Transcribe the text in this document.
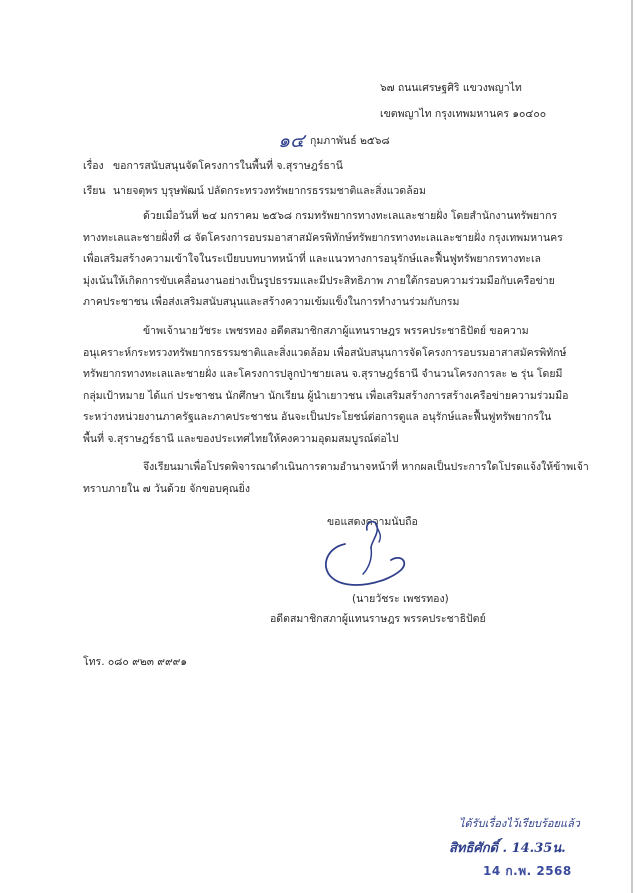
๖๗ ถนนเศรษฐศิริ แขวงพญาไท
เขตพญาไท กรุงเทพมหานคร ๑๐๔๐๐
๑๔ กุมภาพันธ์ ๒๕๖๘
เรื่อง ขอการสนับสนุนจัดโครงการในพื้นที่ จ.สุราษฎร์ธานี
เรียน นายจตุพร บุรุษพัฒน์ ปลัดกระทรวงทรัพยากรธรรมชาติและสิ่งแวดล้อม
ด้วยเมื่อวันที่ ๒๔ มกราคม ๒๕๖๘ กรมทรัพยากรทางทะเลและชายฝั่ง โดยสำนักงานทรัพยากร
ทางทะเลและชายฝั่งที่ ๘ จัดโครงการอบรมอาสาสมัครพิทักษ์ทรัพยากรทางทะเลและชายฝั่ง กรุงเทพมหานคร
เพื่อเสริมสร้างความเข้าใจในระเบียบบทบาทหน้าที่ และแนวทางการอนุรักษ์และฟื้นฟูทรัพยากรทางทะเล
มุ่งเน้นให้เกิดการขับเคลื่อนงานอย่างเป็นรูปธรรมและมีประสิทธิภาพ ภายใต้กรอบความร่วมมือกับเครือข่าย
ภาคประชาชน เพื่อส่งเสริมสนับสนุนและสร้างความเข้มแข็งในการทำงานร่วมกับกรม
ข้าพเจ้านายวัชระ เพชรทอง อดีตสมาชิกสภาผู้แทนราษฎร พรรคประชาธิปัตย์ ขอความ
อนุเคราะห์กระทรวงทรัพยากรธรรมชาติและสิ่งแวดล้อม เพื่อสนับสนุนการจัดโครงการอบรมอาสาสมัครพิทักษ์
ทรัพยากรทางทะเลและชายฝั่ง และโครงการปลูกป่าชายเลน จ.สุราษฎร์ธานี จำนวนโครงการละ ๒ รุ่น โดยมี
กลุ่มเป้าหมาย ได้แก่ ประชาชน นักศึกษา นักเรียน ผู้นำเยาวชน เพื่อเสริมสร้างการสร้างเครือข่ายความร่วมมือ
ระหว่างหน่วยงานภาครัฐและภาคประชาชน อันจะเป็นประโยชน์ต่อการดูแล อนุรักษ์และฟื้นฟูทรัพยากรใน
พื้นที่ จ.สุราษฎร์ธานี และของประเทศไทยให้คงความอุดมสมบูรณ์ต่อไป
จึงเรียนมาเพื่อโปรดพิจารณาดำเนินการตามอำนาจหน้าที่ หากผลเป็นประการใดโปรดแจ้งให้ข้าพเจ้า
ทราบภายใน ๗ วันด้วย จักขอบคุณยิ่ง
ขอแสดงความนับถือ
(นายวัชระ เพชรทอง)
อดีตสมาชิกสภาผู้แทนราษฎร พรรคประชาธิปัตย์
โทร. ๐๘๐ ๙๒๓ ๙๙๙๑
ได้รับเรื่องไว้เรียบร้อยแล้ว
สิทธิศักดิ์ . 14.35น.
14 ก.พ. 2568
